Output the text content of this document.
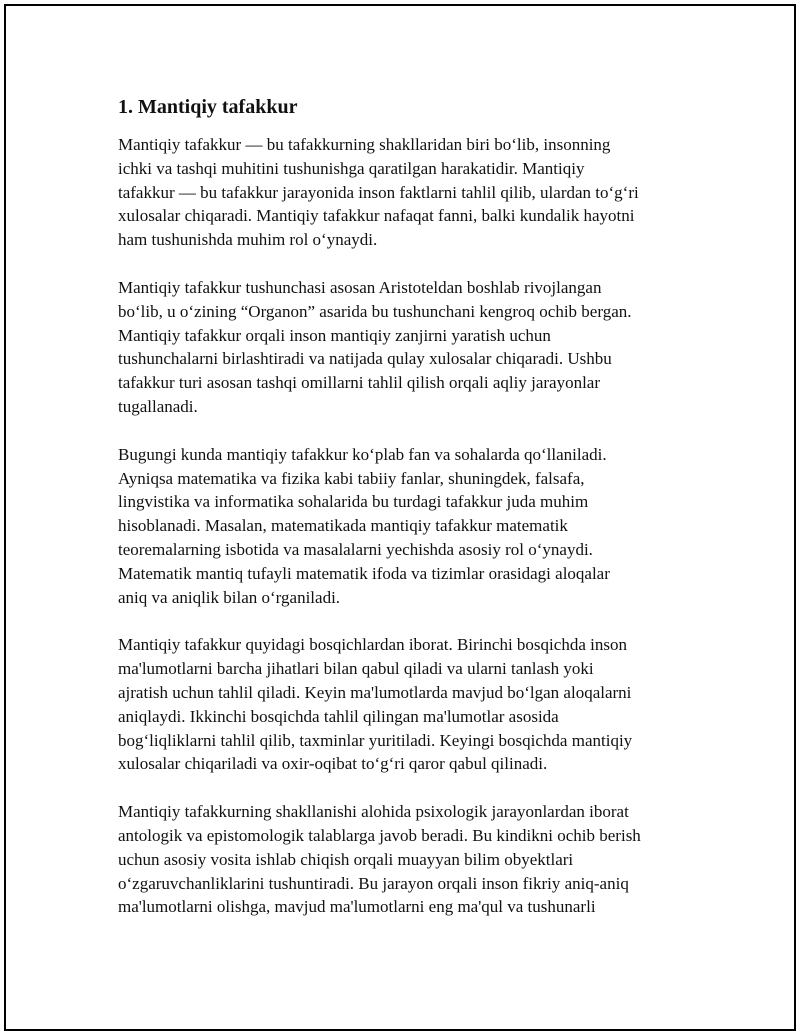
1. Mantiqiy tafakkur

Mantiqiy tafakkur — bu tafakkurning shakllaridan biri bo‘lib, insonning
ichki va tashqi muhitini tushunishga qaratilgan harakatidir. Mantiqiy
tafakkur — bu tafakkur jarayonida inson faktlarni tahlil qilib, ulardan to‘g‘ri
xulosalar chiqaradi. Mantiqiy tafakkur nafaqat fanni, balki kundalik hayotni
ham tushunishda muhim rol o‘ynaydi.

Mantiqiy tafakkur tushunchasi asosan Aristoteldan boshlab rivojlangan
bo‘lib, u o‘zining “Organon” asarida bu tushunchani kengroq ochib bergan.
Mantiqiy tafakkur orqali inson mantiqiy zanjirni yaratish uchun
tushunchalarni birlashtiradi va natijada qulay xulosalar chiqaradi. Ushbu
tafakkur turi asosan tashqi omillarni tahlil qilish orqali aqliy jarayonlar
tugallanadi.

Bugungi kunda mantiqiy tafakkur ko‘plab fan va sohalarda qo‘llaniladi.
Ayniqsa matematika va fizika kabi tabiiy fanlar, shuningdek, falsafa,
lingvistika va informatika sohalarida bu turdagi tafakkur juda muhim
hisoblanadi. Masalan, matematikada mantiqiy tafakkur matematik
teoremalarning isbotida va masalalarni yechishda asosiy rol o‘ynaydi.
Matematik mantiq tufayli matematik ifoda va tizimlar orasidagi aloqalar
aniq va aniqlik bilan o‘rganiladi.

Mantiqiy tafakkur quyidagi bosqichlardan iborat. Birinchi bosqichda inson
ma'lumotlarni barcha jihatlari bilan qabul qiladi va ularni tanlash yoki
ajratish uchun tahlil qiladi. Keyin ma'lumotlarda mavjud bo‘lgan aloqalarni
aniqlaydi. Ikkinchi bosqichda tahlil qilingan ma'lumotlar asosida
bog‘liqliklarni tahlil qilib, taxminlar yuritiladi. Keyingi bosqichda mantiqiy
xulosalar chiqariladi va oxir-oqibat to‘g‘ri qaror qabul qilinadi.

Mantiqiy tafakkurning shakllanishi alohida psixologik jarayonlardan iborat
antologik va epistomologik talablarga javob beradi. Bu kindikni ochib berish
uchun asosiy vosita ishlab chiqish orqali muayyan bilim obyektlari
o‘zgaruvchanliklarini tushuntiradi. Bu jarayon orqali inson fikriy aniq-aniq
ma'lumotlarni olishga, mavjud ma'lumotlarni eng ma'qul va tushunarli
